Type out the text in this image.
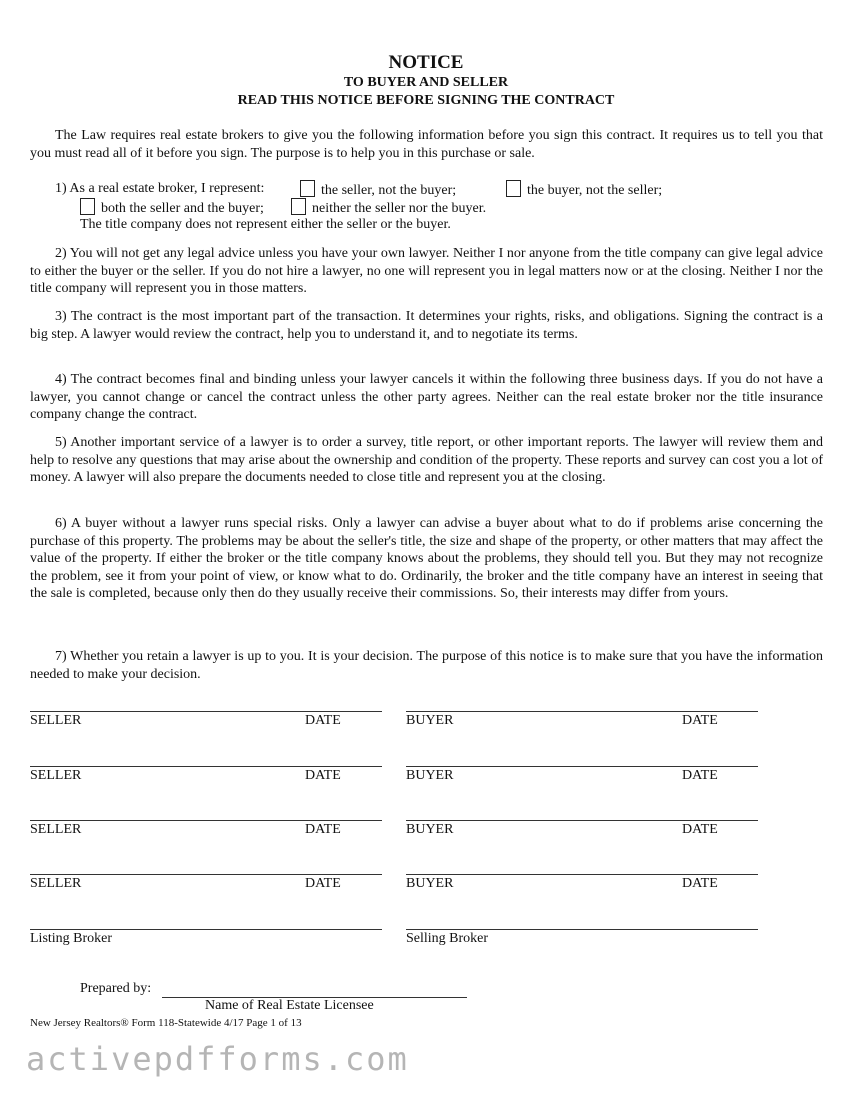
NOTICE
TO BUYER AND SELLER
READ THIS NOTICE BEFORE SIGNING THE CONTRACT

The Law requires real estate brokers to give you the following information before you sign this contract. It requires us to tell you that you must read all of it before you sign. The purpose is to help you in this purchase or sale.

1) As a real estate broker, I represent:	the seller, not the buyer;	the buyer, not the seller;
both the seller and the buyer;	neither the seller nor the buyer.
The title company does not represent either the seller or the buyer.

2) You will not get any legal advice unless you have your own lawyer. Neither I nor anyone from the title company can give legal advice to either the buyer or the seller. If you do not hire a lawyer, no one will represent you in legal matters now or at the closing. Neither I nor the title company will represent you in those matters.

3) The contract is the most important part of the transaction. It determines your rights, risks, and obligations. Signing the contract is a big step. A lawyer would review the contract, help you to understand it, and to negotiate its terms.

4) The contract becomes final and binding unless your lawyer cancels it within the following three business days. If you do not have a lawyer, you cannot change or cancel the contract unless the other party agrees. Neither can the real estate broker nor the title insurance company change the contract.

5) Another important service of a lawyer is to order a survey, title report, or other important reports. The lawyer will review them and help to resolve any questions that may arise about the ownership and condition of the property. These reports and survey can cost you a lot of money. A lawyer will also prepare the documents needed to close title and represent you at the closing.

6) A buyer without a lawyer runs special risks. Only a lawyer can advise a buyer about what to do if problems arise concerning the purchase of this property. The problems may be about the seller's title, the size and shape of the property, or other matters that may affect the value of the property. If either the broker or the title company knows about the problems, they should tell you. But they may not recognize the problem, see it from your point of view, or know what to do. Ordinarily, the broker and the title company have an interest in seeing that the sale is completed, because only then do they usually receive their commissions. So, their interests may differ from yours.

7) Whether you retain a lawyer is up to you. It is your decision. The purpose of this notice is to make sure that you have the information needed to make your decision.

SELLER	DATE	BUYER	DATE
SELLER	DATE	BUYER	DATE
SELLER	DATE	BUYER	DATE
SELLER	DATE	BUYER	DATE
Listing Broker	Selling Broker
Prepared by:
Name of Real Estate Licensee
New Jersey Realtors® Form 118-Statewide 4/17 Page 1 of 13
activepdfforms.com
